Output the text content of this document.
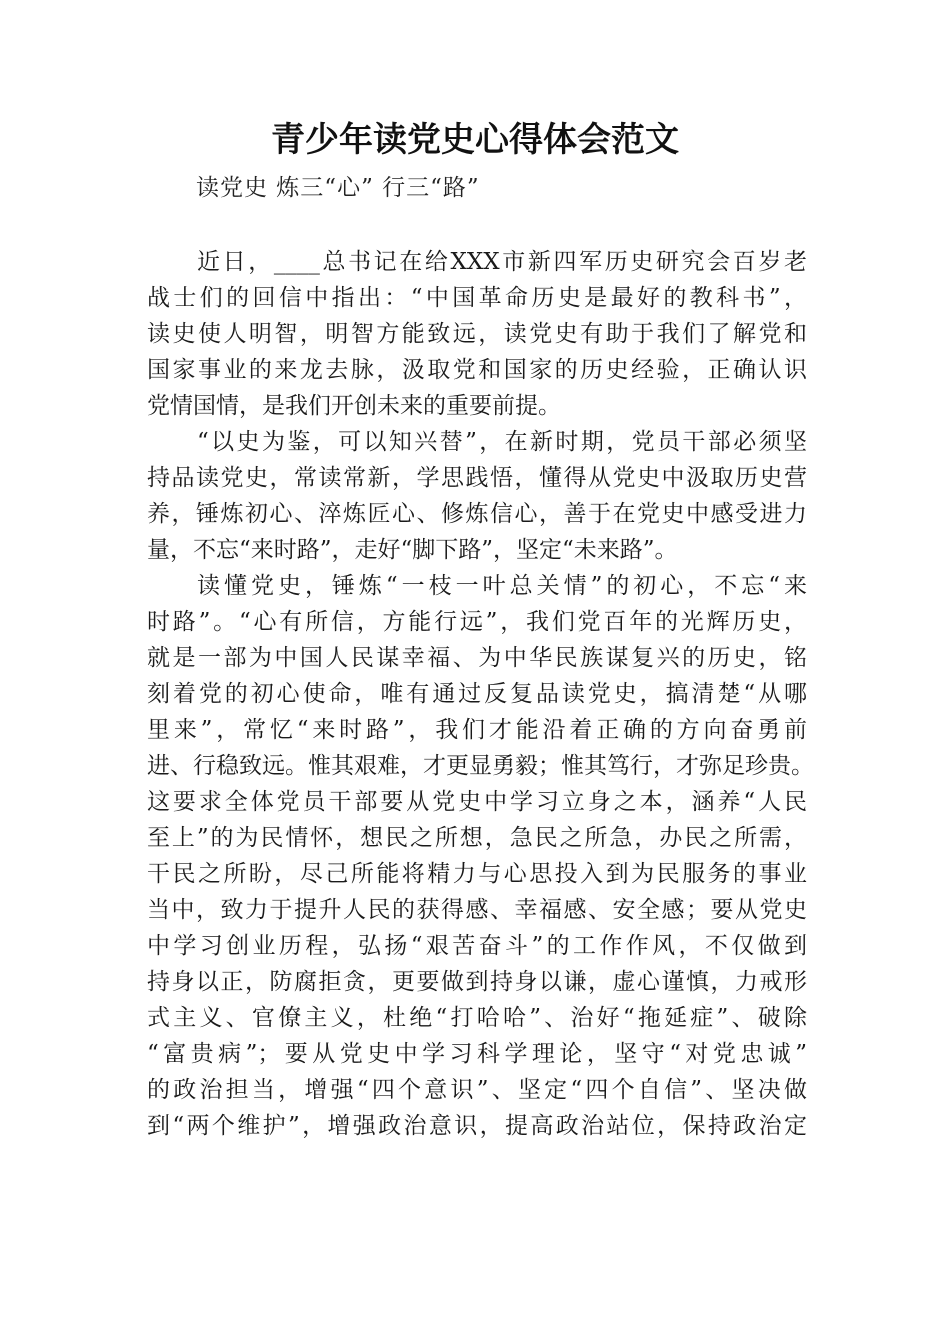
青少年读党史心得体会范文

读党史 炼三“心” 行三“路”

近日，____总书记在给XXX市新四军历史研究会百岁老
战士们的回信中指出：“中国革命历史是最好的教科书”，
读史使人明智，明智方能致远，读党史有助于我们了解党和
国家事业的来龙去脉，汲取党和国家的历史经验，正确认识
党情国情，是我们开创未来的重要前提。
“以史为鉴，可以知兴替”，在新时期，党员干部必须坚
持品读党史，常读常新，学思践悟，懂得从党史中汲取历史营
养，锤炼初心、淬炼匠心、修炼信心，善于在党史中感受进力
量，不忘“来时路”，走好“脚下路”，坚定“未来路”。
读懂党史，锤炼“一枝一叶总关情”的初心，不忘“来
时路”。“心有所信，方能行远”，我们党百年的光辉历史，
就是一部为中国人民谋幸福、为中华民族谋复兴的历史，铭
刻着党的初心使命，唯有通过反复品读党史，搞清楚“从哪
里来”，常忆“来时路”，我们才能沿着正确的方向奋勇前
进、行稳致远。惟其艰难，才更显勇毅；惟其笃行，才弥足珍贵。
这要求全体党员干部要从党史中学习立身之本，涵养“人民
至上”的为民情怀，想民之所想，急民之所急，办民之所需，
干民之所盼，尽己所能将精力与心思投入到为民服务的事业
当中，致力于提升人民的获得感、幸福感、安全感；要从党史
中学习创业历程，弘扬“艰苦奋斗”的工作作风，不仅做到
持身以正，防腐拒贪，更要做到持身以谦，虚心谨慎，力戒形
式主义、官僚主义，杜绝“打哈哈”、治好“拖延症”、破除
“富贵病”；要从党史中学习科学理论，坚守“对党忠诚”
的政治担当，增强“四个意识”、坚定“四个自信”、坚决做
到“两个维护”，增强政治意识，提高政治站位，保持政治定
